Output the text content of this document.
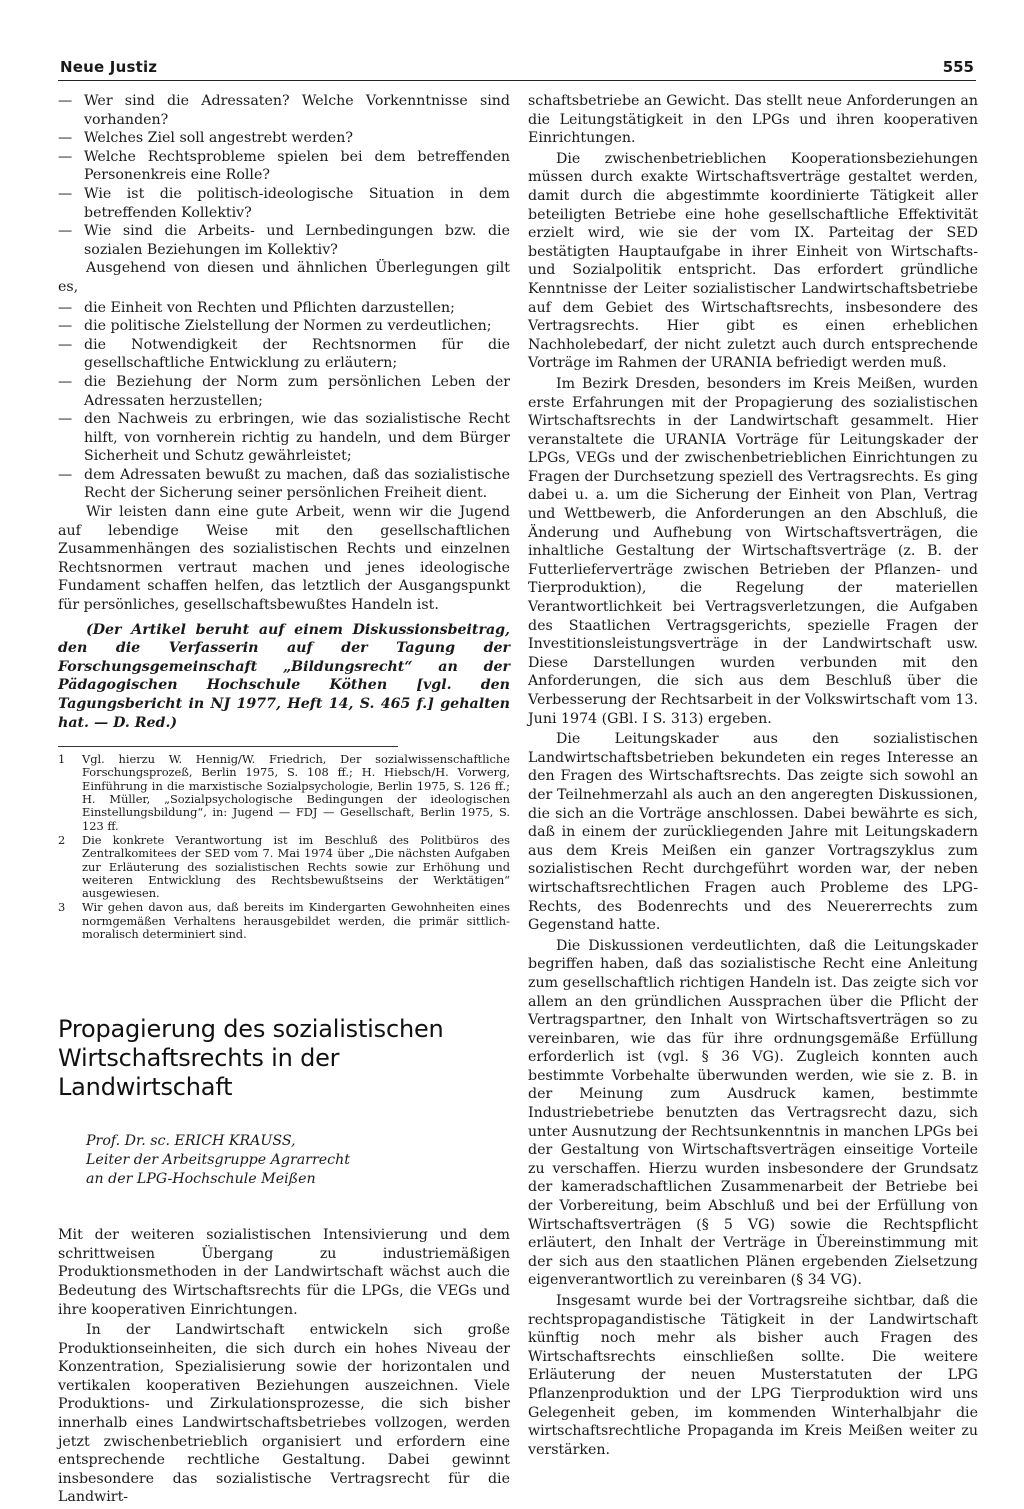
Neue Justiz	555

— Wer sind die Adressaten? Welche Vorkenntnisse sind vorhanden?

— Welches Ziel soll angestrebt werden?

— Welche Rechtsprobleme spielen bei dem betreffenden Personenkreis eine Rolle?

— Wie ist die politisch-ideologische Situation in dem betreffenden Kollektiv?

— Wie sind die Arbeits- und Lernbedingungen bzw. die sozialen Beziehungen im Kollektiv?

Ausgehend von diesen und ähnlichen Überlegungen gilt es,

— die Einheit von Rechten und Pflichten darzustellen;

— die politische Zielstellung der Normen zu verdeutlichen;

— die Notwendigkeit der Rechtsnormen für die gesellschaftliche Entwicklung zu erläutern;

— die Beziehung der Norm zum persönlichen Leben der Adressaten herzustellen;

— den Nachweis zu erbringen, wie das sozialistische Recht hilft, von vornherein richtig zu handeln, und dem Bürger Sicherheit und Schutz gewährleistet;

— dem Adressaten bewußt zu machen, daß das sozialistische Recht der Sicherung seiner persönlichen Freiheit dient.

Wir leisten dann eine gute Arbeit, wenn wir die Jugend auf lebendige Weise mit den gesellschaftlichen Zusammenhängen des sozialistischen Rechts und einzelnen Rechtsnormen vertraut machen und jenes ideologische Fundament schaffen helfen, das letztlich der Ausgangspunkt für persönliches, gesellschaftsbewußtes Handeln ist.

(Der Artikel beruht auf einem Diskussionsbeitrag, den die Verfasserin auf der Tagung der Forschungsgemeinschaft „Bildungsrecht“ an der Pädagogischen Hochschule Köthen [vgl. den Tagungsbericht in NJ 1977, Heft 14, S. 465 f.] gehalten hat. — D. Red.)

1 Vgl. hierzu W. Hennig/W. Friedrich, Der sozialwissenschaftliche Forschungsprozeß, Berlin 1975, S. 108 ff.; H. Hiebsch/H. Vorwerg, Einführung in die marxistische Sozialpsychologie, Berlin 1975, S. 126 ff.; H. Müller, „Sozialpsychologische Bedingungen der ideologischen Einstellungsbildung“, in: Jugend — FDJ — Gesellschaft, Berlin 1975, S. 123 ff.

2 Die konkrete Verantwortung ist im Beschluß des Politbüros des Zentralkomitees der SED vom 7. Mai 1974 über „Die nächsten Aufgaben zur Erläuterung des sozialistischen Rechts sowie zur Erhöhung und weiteren Entwicklung des Rechtsbewußtseins der Werktätigen“ ausgewiesen.

3 Wir gehen davon aus, daß bereits im Kindergarten Gewohnheiten eines normgemäßen Verhaltens herausgebildet werden, die primär sittlich-moralisch determiniert sind.

Propagierung des sozialistischen Wirtschaftsrechts in der Landwirtschaft
Prof. Dr. sc. ERICH KRAUSS,
Leiter der Arbeitsgruppe Agrarrecht
an der LPG-Hochschule Meißen

Mit der weiteren sozialistischen Intensivierung und dem schrittweisen Übergang zu industriemäßigen Produktionsmethoden in der Landwirtschaft wächst auch die Bedeutung des Wirtschaftsrechts für die LPGs, die VEGs und ihre kooperativen Einrichtungen.

In der Landwirtschaft entwickeln sich große Produktionseinheiten, die sich durch ein hohes Niveau der Konzentration, Spezialisierung sowie der horizontalen und vertikalen kooperativen Beziehungen auszeichnen. Viele Produktions- und Zirkulationsprozesse, die sich bisher innerhalb eines Landwirtschaftsbetriebes vollzogen, werden jetzt zwischenbetrieblich organisiert und erfordern eine entsprechende rechtliche Gestaltung. Dabei gewinnt insbesondere das sozialistische Vertragsrecht für die Landwirt-

schaftsbetriebe an Gewicht. Das stellt neue Anforderungen an die Leitungstätigkeit in den LPGs und ihren kooperativen Einrichtungen.

Die zwischenbetrieblichen Kooperationsbeziehungen müssen durch exakte Wirtschaftsverträge gestaltet werden, damit durch die abgestimmte koordinierte Tätigkeit aller beteiligten Betriebe eine hohe gesellschaftliche Effektivität erzielt wird, wie sie der vom IX. Parteitag der SED bestätigten Hauptaufgabe in ihrer Einheit von Wirtschafts- und Sozialpolitik entspricht. Das erfordert gründliche Kenntnisse der Leiter sozialistischer Landwirtschaftsbetriebe auf dem Gebiet des Wirtschaftsrechts, insbesondere des Vertragsrechts. Hier gibt es einen erheblichen Nachholebedarf, der nicht zuletzt auch durch entsprechende Vorträge im Rahmen der URANIA befriedigt werden muß.

Im Bezirk Dresden, besonders im Kreis Meißen, wurden erste Erfahrungen mit der Propagierung des sozialistischen Wirtschaftsrechts in der Landwirtschaft gesammelt. Hier veranstaltete die URANIA Vorträge für Leitungskader der LPGs, VEGs und der zwischenbetrieblichen Einrichtungen zu Fragen der Durchsetzung speziell des Vertragsrechts. Es ging dabei u. a. um die Sicherung der Einheit von Plan, Vertrag und Wettbewerb, die Anforderungen an den Abschluß, die Änderung und Aufhebung von Wirtschaftsverträgen, die inhaltliche Gestaltung der Wirtschaftsverträge (z. B. der Futterlieferverträge zwischen Betrieben der Pflanzen- und Tierproduktion), die Regelung der materiellen Verantwortlichkeit bei Vertragsverletzungen, die Aufgaben des Staatlichen Vertragsgerichts, spezielle Fragen der Investitionsleistungsverträge in der Landwirtschaft usw. Diese Darstellungen wurden verbunden mit den Anforderungen, die sich aus dem Beschluß über die Verbesserung der Rechtsarbeit in der Volkswirtschaft vom 13. Juni 1974 (GBl. I S. 313) ergeben.

Die Leitungskader aus den sozialistischen Landwirtschaftsbetrieben bekundeten ein reges Interesse an den Fragen des Wirtschaftsrechts. Das zeigte sich sowohl an der Teilnehmerzahl als auch an den angeregten Diskussionen, die sich an die Vorträge anschlossen. Dabei bewährte es sich, daß in einem der zurückliegenden Jahre mit Leitungskadern aus dem Kreis Meißen ein ganzer Vortragszyklus zum sozialistischen Recht durchgeführt worden war, der neben wirtschaftsrechtlichen Fragen auch Probleme des LPG-Rechts, des Bodenrechts und des Neuererrechts zum Gegenstand hatte.

Die Diskussionen verdeutlichten, daß die Leitungskader begriffen haben, daß das sozialistische Recht eine Anleitung zum gesellschaftlich richtigen Handeln ist. Das zeigte sich vor allem an den gründlichen Aussprachen über die Pflicht der Vertragspartner, den Inhalt von Wirtschaftsverträgen so zu vereinbaren, wie das für ihre ordnungsgemäße Erfüllung erforderlich ist (vgl. § 36 VG). Zugleich konnten auch bestimmte Vorbehalte überwunden werden, wie sie z. B. in der Meinung zum Ausdruck kamen, bestimmte Industriebetriebe benutzten das Vertragsrecht dazu, sich unter Ausnutzung der Rechtsunkenntnis in manchen LPGs bei der Gestaltung von Wirtschaftsverträgen einseitige Vorteile zu verschaffen. Hierzu wurden insbesondere der Grundsatz der kameradschaftlichen Zusammenarbeit der Betriebe bei der Vorbereitung, beim Abschluß und bei der Erfüllung von Wirtschaftsverträgen (§ 5 VG) sowie die Rechtspflicht erläutert, den Inhalt der Verträge in Übereinstimmung mit der sich aus den staatlichen Plänen ergebenden Zielsetzung eigenverantwortlich zu vereinbaren (§ 34 VG).

Insgesamt wurde bei der Vortragsreihe sichtbar, daß die rechtspropagandistische Tätigkeit in der Landwirtschaft künftig noch mehr als bisher auch Fragen des Wirtschaftsrechts einschließen sollte. Die weitere Erläuterung der neuen Musterstatuten der LPG Pflanzenproduktion und der LPG Tierproduktion wird uns Gelegenheit geben, im kommenden Winterhalbjahr die wirtschaftsrechtliche Propaganda im Kreis Meißen weiter zu verstärken.
